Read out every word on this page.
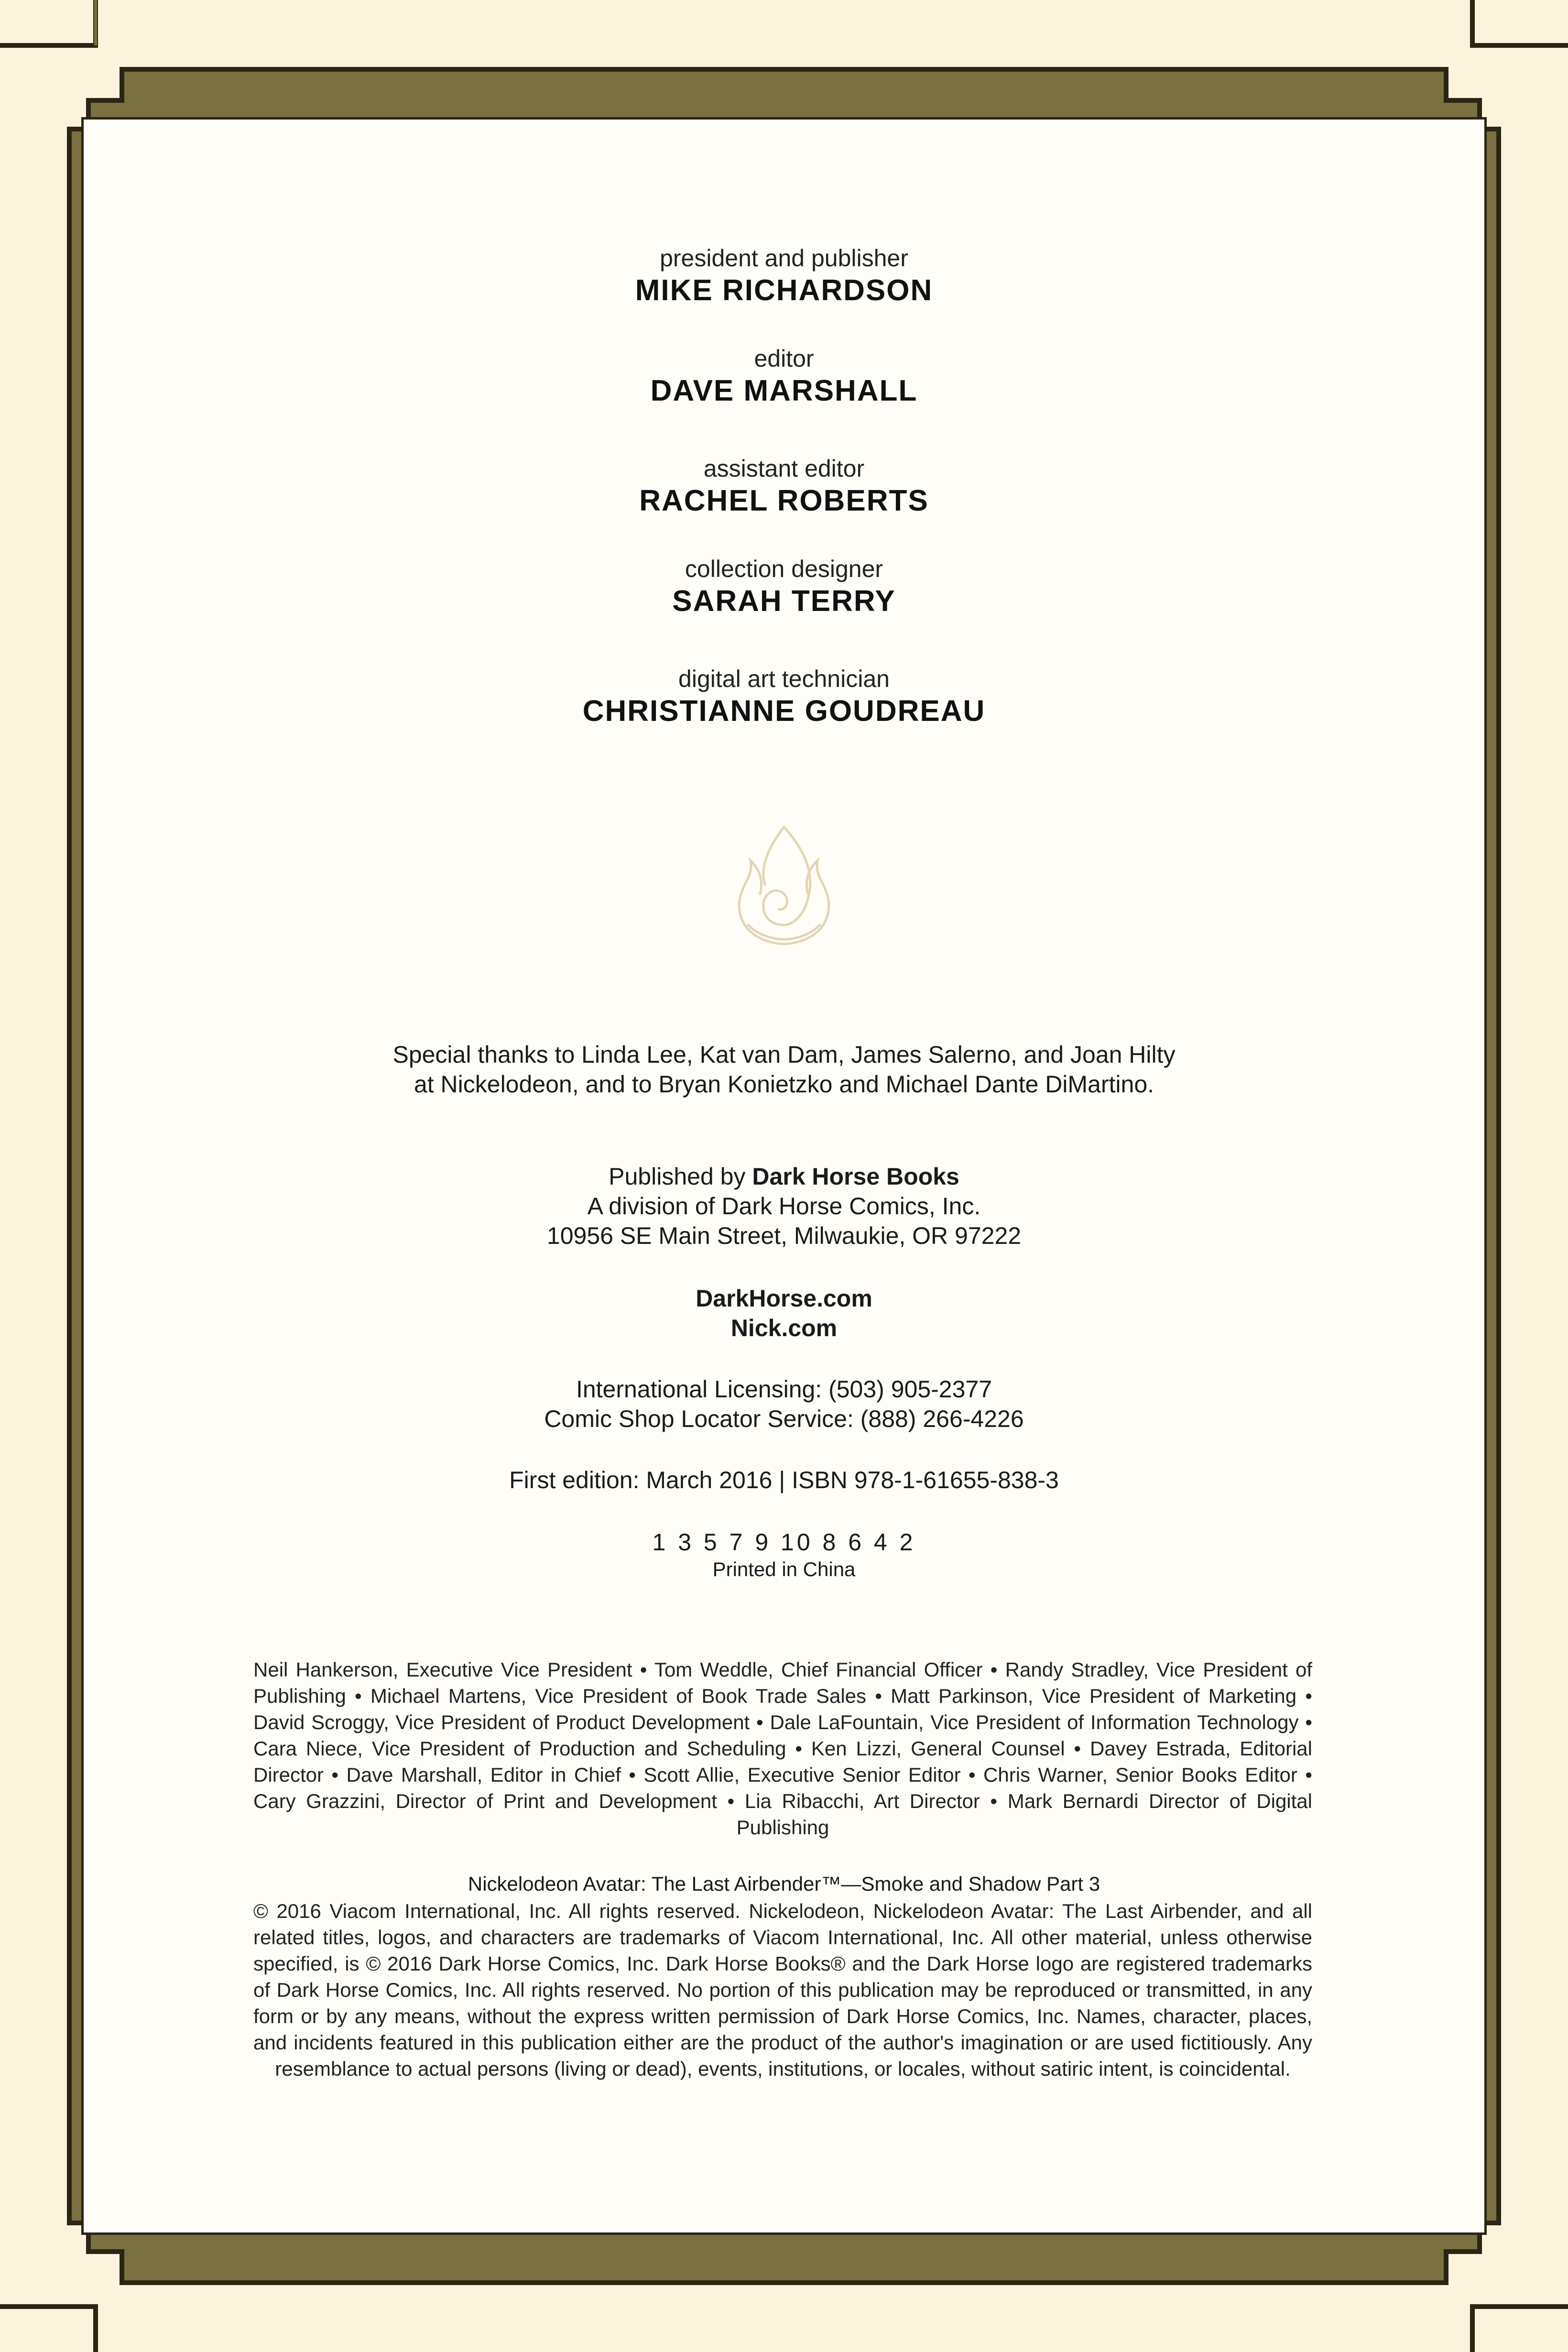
president and publisher
MIKE RICHARDSON
editor
DAVE MARSHALL
assistant editor
RACHEL ROBERTS
collection designer
SARAH TERRY
digital art technician
CHRISTIANNE GOUDREAU
Special thanks to Linda Lee, Kat van Dam, James Salerno, and Joan Hilty
at Nickelodeon, and to Bryan Konietzko and Michael Dante DiMartino.
Published by Dark Horse Books
A division of Dark Horse Comics, Inc.
10956 SE Main Street, Milwaukie, OR 97222
DarkHorse.com
Nick.com
International Licensing: (503) 905-2377
Comic Shop Locator Service: (888) 266-4226
First edition: March 2016 | ISBN 978-1-61655-838-3
1 3 5 7 9 10 8 6 4 2
Printed in China
Neil Hankerson, Executive Vice President • Tom Weddle, Chief Financial Officer • Randy Stradley, Vice President of Publishing • Michael Martens, Vice President of Book Trade Sales • Matt Parkinson, Vice President of Marketing • David Scroggy, Vice President of Product Development • Dale LaFountain, Vice President of Information Technology • Cara Niece, Vice President of Production and Scheduling • Ken Lizzi, General Counsel • Davey Estrada, Editorial Director • Dave Marshall, Editor in Chief • Scott Allie, Executive Senior Editor • Chris Warner, Senior Books Editor • Cary Grazzini, Director of Print and Development • Lia Ribacchi, Art Director • Mark Bernardi Director of Digital Publishing
Nickelodeon Avatar: The Last Airbender™—Smoke and Shadow Part 3
© 2016 Viacom International, Inc. All rights reserved. Nickelodeon, Nickelodeon Avatar: The Last Airbender, and all related titles, logos, and characters are trademarks of Viacom International, Inc. All other material, unless otherwise specified, is © 2016 Dark Horse Comics, Inc. Dark Horse Books® and the Dark Horse logo are registered trademarks of Dark Horse Comics, Inc. All rights reserved. No portion of this publication may be reproduced or transmitted, in any form or by any means, without the express written permission of Dark Horse Comics, Inc. Names, character, places, and incidents featured in this publication either are the product of the author's imagination or are used fictitiously. Any resemblance to actual persons (living or dead), events, institutions, or locales, without satiric intent, is coincidental.
